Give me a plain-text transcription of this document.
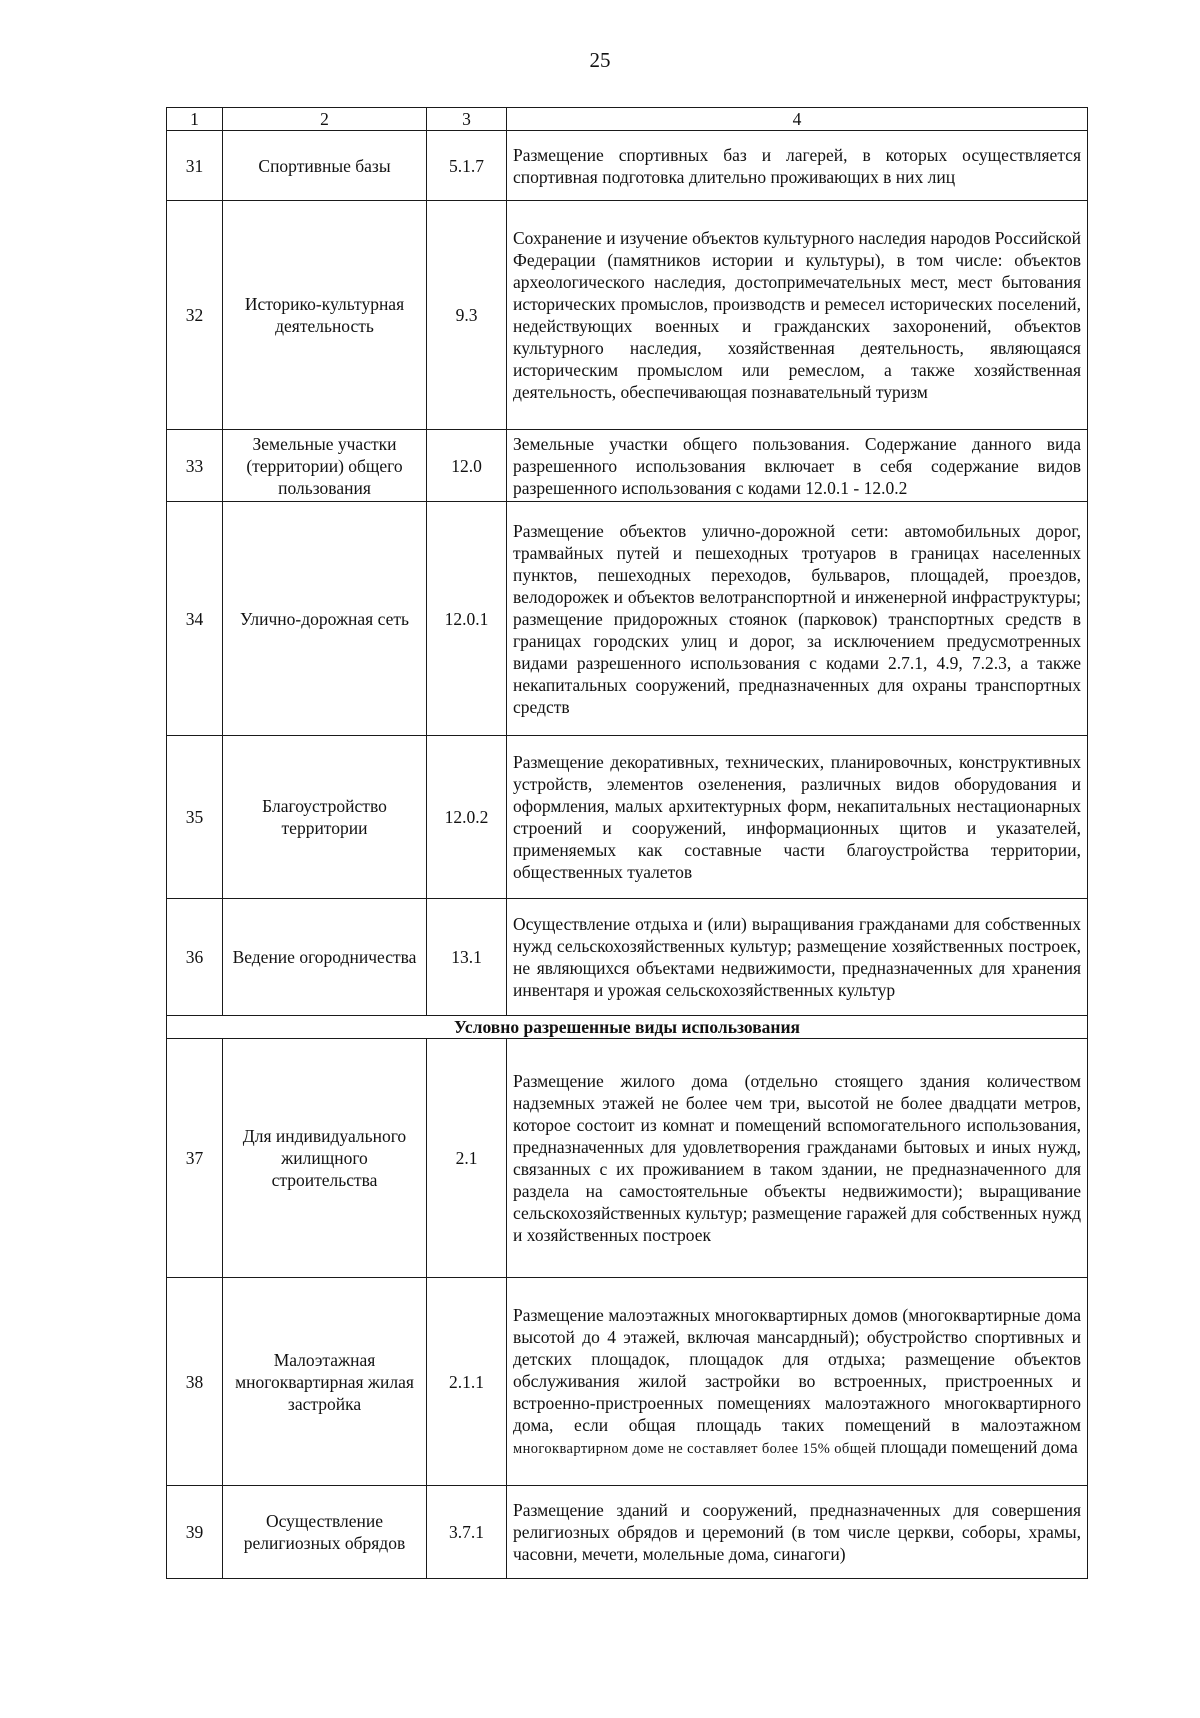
25
1	2	3	4
31	Спортивные базы	5.1.7	Размещение спортивных баз и лагерей, в которых осуществляется спортивная подготовка длительно проживающих в них лиц
32	Историко-культурная деятельность	9.3	Сохранение и изучение объектов культурного наследия народов Российской Федерации (памятников истории и культуры), в том числе: объектов археологического наследия, достопримечательных мест, мест бытования исторических промыслов, производств и ремесел исторических поселений, недействующих военных и гражданских захоронений, объектов культурного наследия, хозяйственная деятельность, являющаяся историческим промыслом или ремеслом, а также хозяйственная деятельность, обеспечивающая познавательный туризм
33	Земельные участки (территории) общего пользования	12.0	Земельные участки общего пользования. Содержание данного вида разрешенного использования включает в себя содержание видов разрешенного использования с кодами 12.0.1 - 12.0.2
34	Улично-дорожная сеть	12.0.1	Размещение объектов улично-дорожной сети: автомобильных дорог, трамвайных путей и пешеходных тротуаров в границах населенных пунктов, пешеходных переходов, бульваров, площадей, проездов, велодорожек и объектов велотранспортной и инженерной инфраструктуры; размещение придорожных стоянок (парковок) транспортных средств в границах городских улиц и дорог, за исключением предусмотренных видами разрешенного использования с кодами 2.7.1, 4.9, 7.2.3, а также некапитальных сооружений, предназначенных для охраны транспортных средств
35	Благоустройство территории	12.0.2	Размещение декоративных, технических, планировочных, конструктивных устройств, элементов озеленения, различных видов оборудования и оформления, малых архитектурных форм, некапитальных нестационарных строений и сооружений, информационных щитов и указателей, применяемых как составные части благоустройства территории, общественных туалетов
36	Ведение огородничества	13.1	Осуществление отдыха и (или) выращивания гражданами для собственных нужд сельскохозяйственных культур; размещение хозяйственных построек, не являющихся объектами недвижимости, предназначенных для хранения инвентаря и урожая сельскохозяйственных культур
Условно разрешенные виды использования			
37	Для индивидуального жилищного строительства	2.1	Размещение жилого дома (отдельно стоящего здания количеством надземных этажей не более чем три, высотой не более двадцати метров, которое состоит из комнат и помещений вспомогательного использования, предназначенных для удовлетворения гражданами бытовых и иных нужд, связанных с их проживанием в таком здании, не предназначенного для раздела на самостоятельные объекты недвижимости); выращивание сельскохозяйственных культур; размещение гаражей для собственных нужд и хозяйственных построек
38	Малоэтажная многоквартирная жилая застройка	2.1.1	Размещение малоэтажных многоквартирных домов (многоквартирные дома высотой до 4 этажей, включая мансардный); обустройство спортивных и детских площадок, площадок для отдыха; размещение объектов обслуживания жилой застройки во встроенных, пристроенных и встроенно-пристроенных помещениях малоэтажного многоквартирного дома, если общая площадь таких помещений в малоэтажном многоквартирном доме не составляет более 15% общей площади помещений дома
39	Осуществление религиозных обрядов	3.7.1	Размещение зданий и сооружений, предназначенных для совершения религиозных обрядов и церемоний (в том числе церкви, соборы, храмы, часовни, мечети, молельные дома, синагоги)
